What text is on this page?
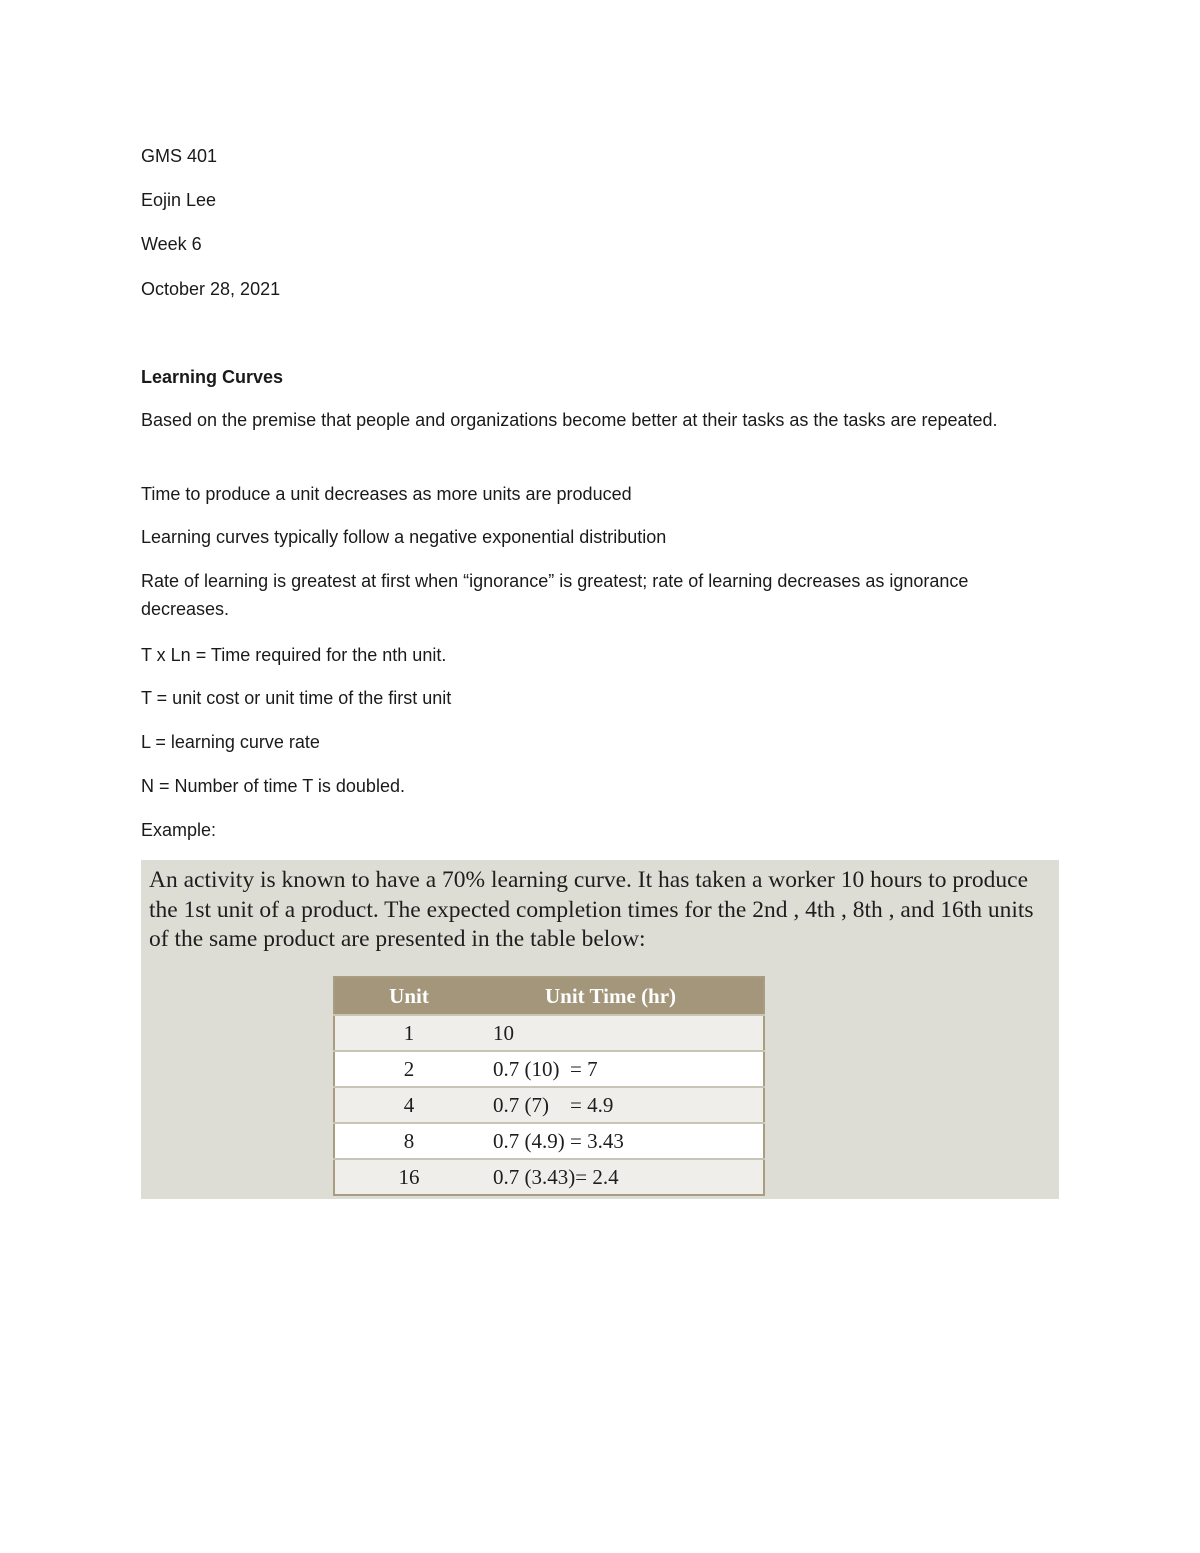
GMS 401
Eojin Lee
Week 6
October 28, 2021
Learning Curves
Based on the premise that people and organizations become better at their tasks as the tasks are repeated.
Time to produce a unit decreases as more units are produced
Learning curves typically follow a negative exponential distribution
Rate of learning is greatest at first when “ignorance” is greatest; rate of learning decreases as ignorance decreases.
T x Ln = Time required for the nth unit.
T = unit cost or unit time of the first unit
L = learning curve rate
N = Number of time T is doubled.
Example:
An activity is known to have a 70% learning curve. It has taken a worker 10 hours to produce the 1st unit of a product. The expected completion times for the 2nd , 4th , 8th , and 16th units of the same product are presented in the table below:
Unit	Unit Time (hr)
1	10
2	0.7 (10)  = 7
4	0.7 (7)    = 4.9
8	0.7 (4.9) = 3.43
16	0.7 (3.43)= 2.4
